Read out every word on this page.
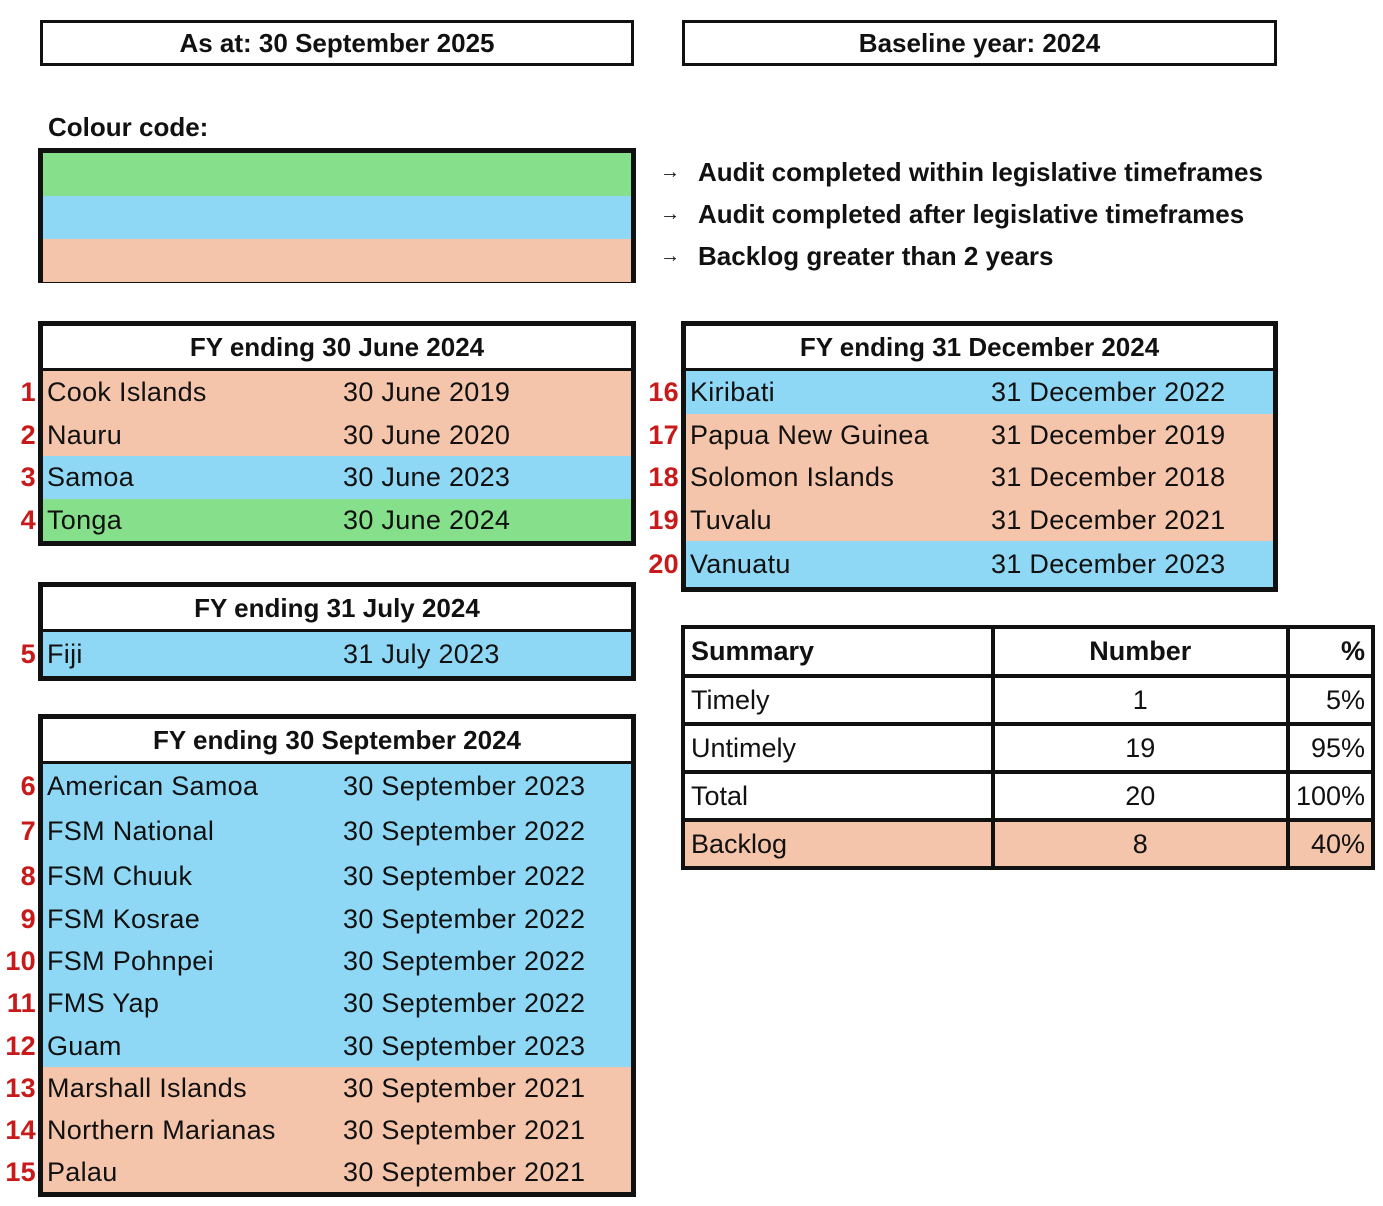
As at: 30 September 2025	Baseline year: 2024
Colour code:
→ Audit completed within legislative timeframes
→ Audit completed after legislative timeframes
→ Backlog greater than 2 years
FY ending 30 June 2024
1 Cook Islands	30 June 2019
2 Nauru	30 June 2020
3 Samoa	30 June 2023
4 Tonga	30 June 2024
FY ending 31 July 2024
5 Fiji	31 July 2023
FY ending 30 September 2024
6 American Samoa	30 September 2023
7 FSM National	30 September 2022
8 FSM Chuuk	30 September 2022
9 FSM Kosrae	30 September 2022
10 FSM Pohnpei	30 September 2022
11 FMS Yap	30 September 2022
12 Guam	30 September 2023
13 Marshall Islands	30 September 2021
14 Northern Marianas 30 September 2021
15 Palau	30 September 2021
FY ending 31 December 2024
16 Kiribati	31 December 2022
17 Papua New Guinea 31 December 2019
18 Solomon Islands	31 December 2018
19 Tuvalu	31 December 2021
20 Vanuatu	31 December 2023
Summary	Number	%
Timely	1	5%
Untimely	19	95%
Total	20	100%
Backlog	8	40%
